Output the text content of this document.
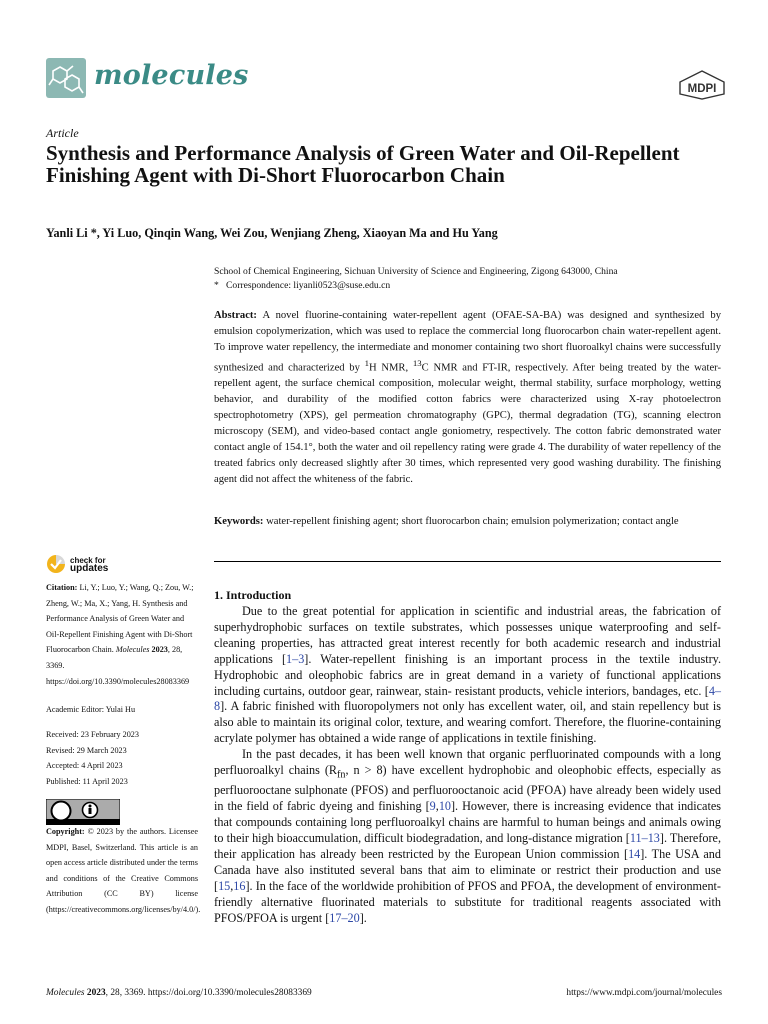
molecules	MDPI
Article
Synthesis and Performance Analysis of Green Water and Oil-Repellent Finishing Agent with Di-Short Fluorocarbon Chain
Yanli Li *, Yi Luo, Qinqin Wang, Wei Zou, Wenjiang Zheng, Xiaoyan Ma and Hu Yang
School of Chemical Engineering, Sichuan University of Science and Engineering, Zigong 643000, China
* Correspondence: liyanli0523@suse.edu.cn
Abstract: A novel fluorine-containing water-repellent agent (OFAE-SA-BA) was designed and synthesized by emulsion copolymerization, which was used to replace the commercial long fluorocarbon chain water-repellent agent. To improve water repellency, the intermediate and monomer containing two short fluoroalkyl chains were successfully synthesized and characterized by $^1$H NMR, $^{13}$C NMR and FT-IR, respectively. After being treated by the water-repellent agent, the surface chemical composition, molecular weight, thermal stability, surface morphology, wetting behavior, and durability of the modified cotton fabrics were characterized using X-ray photoelectron spectrophotometry (XPS), gel permeation chromatography (GPC), thermal degradation (TG), scanning electron microscopy (SEM), and video-based contact angle goniometry, respectively. The cotton fabric demonstrated water contact angle of 154.1°, both the water and oil repellency rating were grade 4. The durability of water repellency of the treated fabrics only decreased slightly after 30 times, which represented very good washing durability. The finishing agent did not affect the whiteness of the fabric.
Keywords: water-repellent finishing agent; short fluorocarbon chain; emulsion polymerization; contact angle
check for
updates
Citation: Li, Y.; Luo, Y.; Wang, Q.; Zou, W.; Zheng, W.; Ma, X.; Yang, H. Synthesis and Performance Analysis of Green Water and Oil-Repellent Finishing Agent with Di-Short Fluorocarbon Chain. Molecules 2023, 28, 3369. https://doi.org/10.3390/molecules28083369
Academic Editor: Yulai Hu
Received: 23 February 2023
Revised: 29 March 2023
Accepted: 4 April 2023
Published: 11 April 2023
Copyright: © 2023 by the authors. Licensee MDPI, Basel, Switzerland. This article is an open access article distributed under the terms and conditions of the Creative Commons Attribution (CC BY) license (https://creativecommons.org/licenses/by/4.0/).
1. Introduction

Due to the great potential for application in scientific and industrial areas, the fabrication of superhydrophobic surfaces on textile substrates, which possesses unique waterproofing and self-cleaning properties, has attracted great interest recently for both academic research and industrial applications [1–3]. Water-repellent finishing is an important process in the textile industry. Hydrophobic and oleophobic fabrics are in great demand in a variety of functional applications including curtains, outdoor gear, rainwear, stain- resistant products, vehicle interiors, bandages, etc. [4–8]. A fabric finished with fluoropolymers not only has excellent water, oil, and stain repellency but is also able to maintain its original color, texture, and wearing comfort. Therefore, the fluorine-containing acrylate polymer has obtained a wide range of applications in textile finishing.

In the past decades, it has been well known that organic perfluorinated compounds with a long perfluoroalkyl chains ($R_{fn}$, n > 8) have excellent hydrophobic and oleophobic effects, especially as perfluorooctane sulphonate (PFOS) and perfluorooctanoic acid (PFOA) have already been widely used in the field of fabric dyeing and finishing [9,10]. However, there is increasing evidence that indicates that compounds containing long perfluoroalkyl chains are harmful to human beings and animals owing to their high bioaccumulation, difficult biodegradation, and long-distance migration [11–13]. Therefore, their application has already been restricted by the European Union commission [14]. The USA and Canada have also instituted several bans that aim to eliminate or restrict their production and use [15,16]. In the face of the worldwide prohibition of PFOS and PFOA, the development of environment-friendly alternative fluorinated materials to substitute for traditional reagents associated with PFOS/PFOA is urgent [17–20].

Molecules 2023, 28, 3369. https://doi.org/10.3390/molecules28083369	https://www.mdpi.com/journal/molecules
